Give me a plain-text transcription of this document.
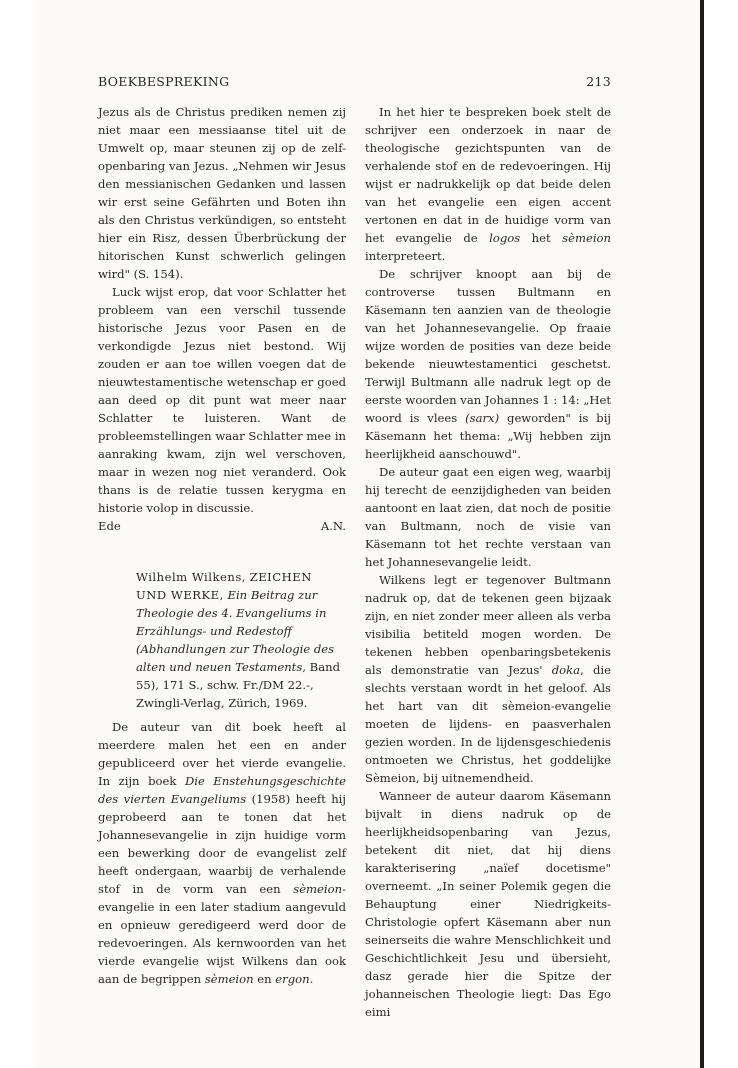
BOEKBESPREKING	213

Jezus als de Christus prediken nemen zij niet maar een messiaanse titel uit de Umwelt op, maar steunen zij op de zelf-openbaring van Jezus. „Nehmen wir Jesus den messianischen Gedanken und lassen wir erst seine Gefährten und Boten ihn als den Christus verkündigen, so entsteht hier ein Risz, dessen Überbrückung der hitorischen Kunst schwerlich gelingen wird" (S. 154).

Luck wijst erop, dat voor Schlatter het probleem van een verschil tussende historische Jezus voor Pasen en de verkondigde Jezus niet bestond. Wij zouden er aan toe willen voegen dat de nieuwtestamentische wetenschap er goed aan deed op dit punt wat meer naar Schlatter te luisteren. Want de probleemstellingen waar Schlatter mee in aanraking kwam, zijn wel verschoven, maar in wezen nog niet veranderd. Ook thans is de relatie tussen kerygma en historie volop in discussie.

Ede	A.N.

Wilhelm Wilkens, ZEICHEN UND WERKE, Ein Beitrag zur Theologie des 4. Evangeliums in Erzählungs- und Redestoff (Abhandlungen zur Theologie des alten und neuen Testaments, Band 55), 171 S., schw. Fr./DM 22.-, Zwingli-Verlag, Zürich, 1969.

De auteur van dit boek heeft al meerdere malen het een en ander gepubliceerd over het vierde evangelie. In zijn boek Die Enstehungsgeschichte des vierten Evangeliums (1958) heeft hij geprobeerd aan te tonen dat het Johannesevangelie in zijn huidige vorm een bewerking door de evangelist zelf heeft ondergaan, waarbij de verhalende stof in de vorm van een sèmeion-evangelie in een later stadium aangevuld en opnieuw geredigeerd werd door de redevoeringen. Als kernwoorden van het vierde evangelie wijst Wilkens dan ook aan de begrippen sèmeion en ergon.

In het hier te bespreken boek stelt de schrijver een onderzoek in naar de theologische gezichtspunten van de verhalende stof en de redevoeringen. Hij wijst er nadrukkelijk op dat beide delen van het evangelie een eigen accent vertonen en dat in de huidige vorm van het evangelie de logos het sèmeion interpreteert.

De schrijver knoopt aan bij de controverse tussen Bultmann en Käsemann ten aanzien van de theologie van het Johannesevangelie. Op fraaie wijze worden de posities van deze beide bekende nieuwtestamentici geschetst. Terwijl Bultmann alle nadruk legt op de eerste woorden van Johannes 1 : 14: „Het woord is vlees (sarx) geworden" is bij Käsemann het thema: „Wij hebben zijn heerlijkheid aanschouwd".

De auteur gaat een eigen weg, waarbij hij terecht de eenzijdigheden van beiden aantoont en laat zien, dat noch de positie van Bultmann, noch de visie van Käsemann tot het rechte verstaan van het Johannesevangelie leidt.

Wilkens legt er tegenover Bultmann nadruk op, dat de tekenen geen bijzaak zijn, en niet zonder meer alleen als verba visibilia betiteld mogen worden. De tekenen hebben openbaringsbetekenis als demonstratie van Jezus' doka, die slechts verstaan wordt in het geloof. Als het hart van dit sèmeion-evangelie moeten de lijdens- en paasverhalen gezien worden. In de lijdensgeschiedenis ontmoeten we Christus, het goddelijke Sèmeion, bij uitnemendheid.

Wanneer de auteur daarom Käsemann bijvalt in diens nadruk op de heerlijkheidsopenbaring van Jezus, betekent dit niet, dat hij diens karakterisering „naïef docetisme" overneemt. „In seiner Polemik gegen die Behauptung einer Niedrigkeits-Christologie opfert Käsemann aber nun seinerseits die wahre Menschlichkeit und Geschichtlichkeit Jesu und übersieht, dasz gerade hier die Spitze der johanneischen Theologie liegt: Das Ego eimi
